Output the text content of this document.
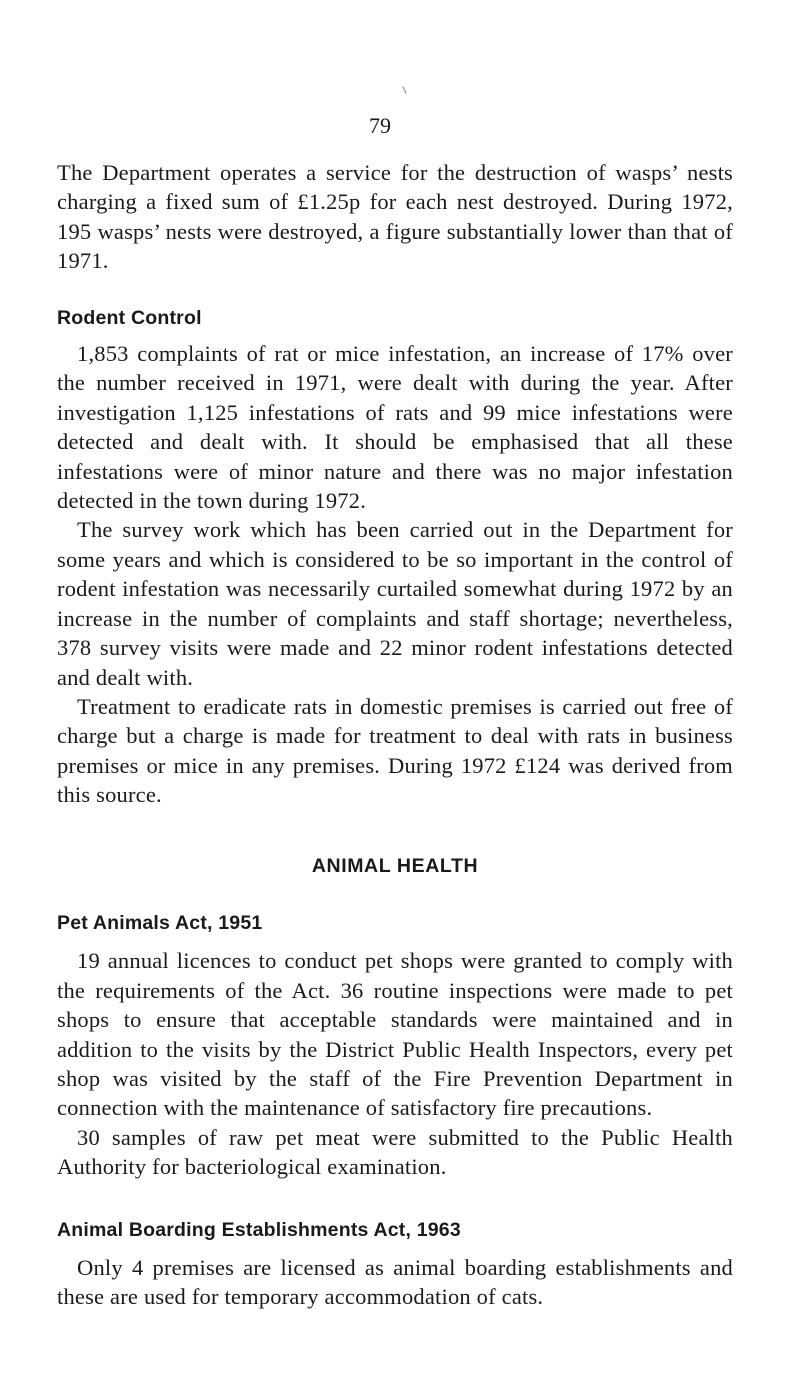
79

The Department operates a service for the destruction of wasps’ nests charging a fixed sum of £1.25p for each nest destroyed. During 1972, 195 wasps’ nests were destroyed, a figure substantially lower than that of 1971.

Rodent Control

1,853 complaints of rat or mice infestation, an increase of 17% over the number received in 1971, were dealt with during the year. After investigation 1,125 infestations of rats and 99 mice infestations were detected and dealt with. It should be emphasised that all these infestations were of minor nature and there was no major infestation detected in the town during 1972.

The survey work which has been carried out in the Department for some years and which is considered to be so important in the control of rodent infestation was necessarily curtailed somewhat during 1972 by an increase in the number of complaints and staff shortage; nevertheless, 378 survey visits were made and 22 minor rodent infestations detected and dealt with.

Treatment to eradicate rats in domestic premises is carried out free of charge but a charge is made for treatment to deal with rats in business premises or mice in any premises. During 1972 £124 was derived from this source.

ANIMAL HEALTH
Pet Animals Act, 1951

19 annual licences to conduct pet shops were granted to comply with the requirements of the Act. 36 routine inspections were made to pet shops to ensure that acceptable standards were maintained and in addition to the visits by the District Public Health Inspectors, every pet shop was visited by the staff of the Fire Prevention Department in connection with the maintenance of satisfactory fire precautions.

30 samples of raw pet meat were submitted to the Public Health Authority for bacteriological examination.

Animal Boarding Establishments Act, 1963

Only 4 premises are licensed as animal boarding establishments and these are used for temporary accommodation of cats.
